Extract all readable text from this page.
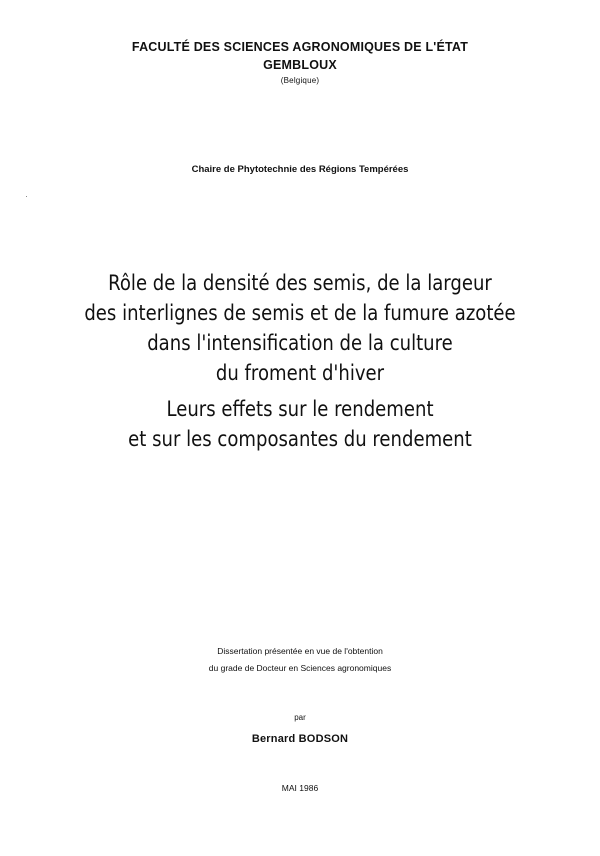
FACULTÉ DES SCIENCES AGRONOMIQUES DE L'ÉTAT
GEMBLOUX
(Belgique)
Chaire de Phytotechnie des Régions Tempérées
Rôle de la densité des semis, de la largeur
des interlignes de semis et de la fumure azotée
dans l'intensification de la culture
du froment d'hiver
Leurs effets sur le rendement
et sur les composantes du rendement
Dissertation présentée en vue de l'obtention
du grade de Docteur en Sciences agronomiques
par
Bernard BODSON
MAI 1986
